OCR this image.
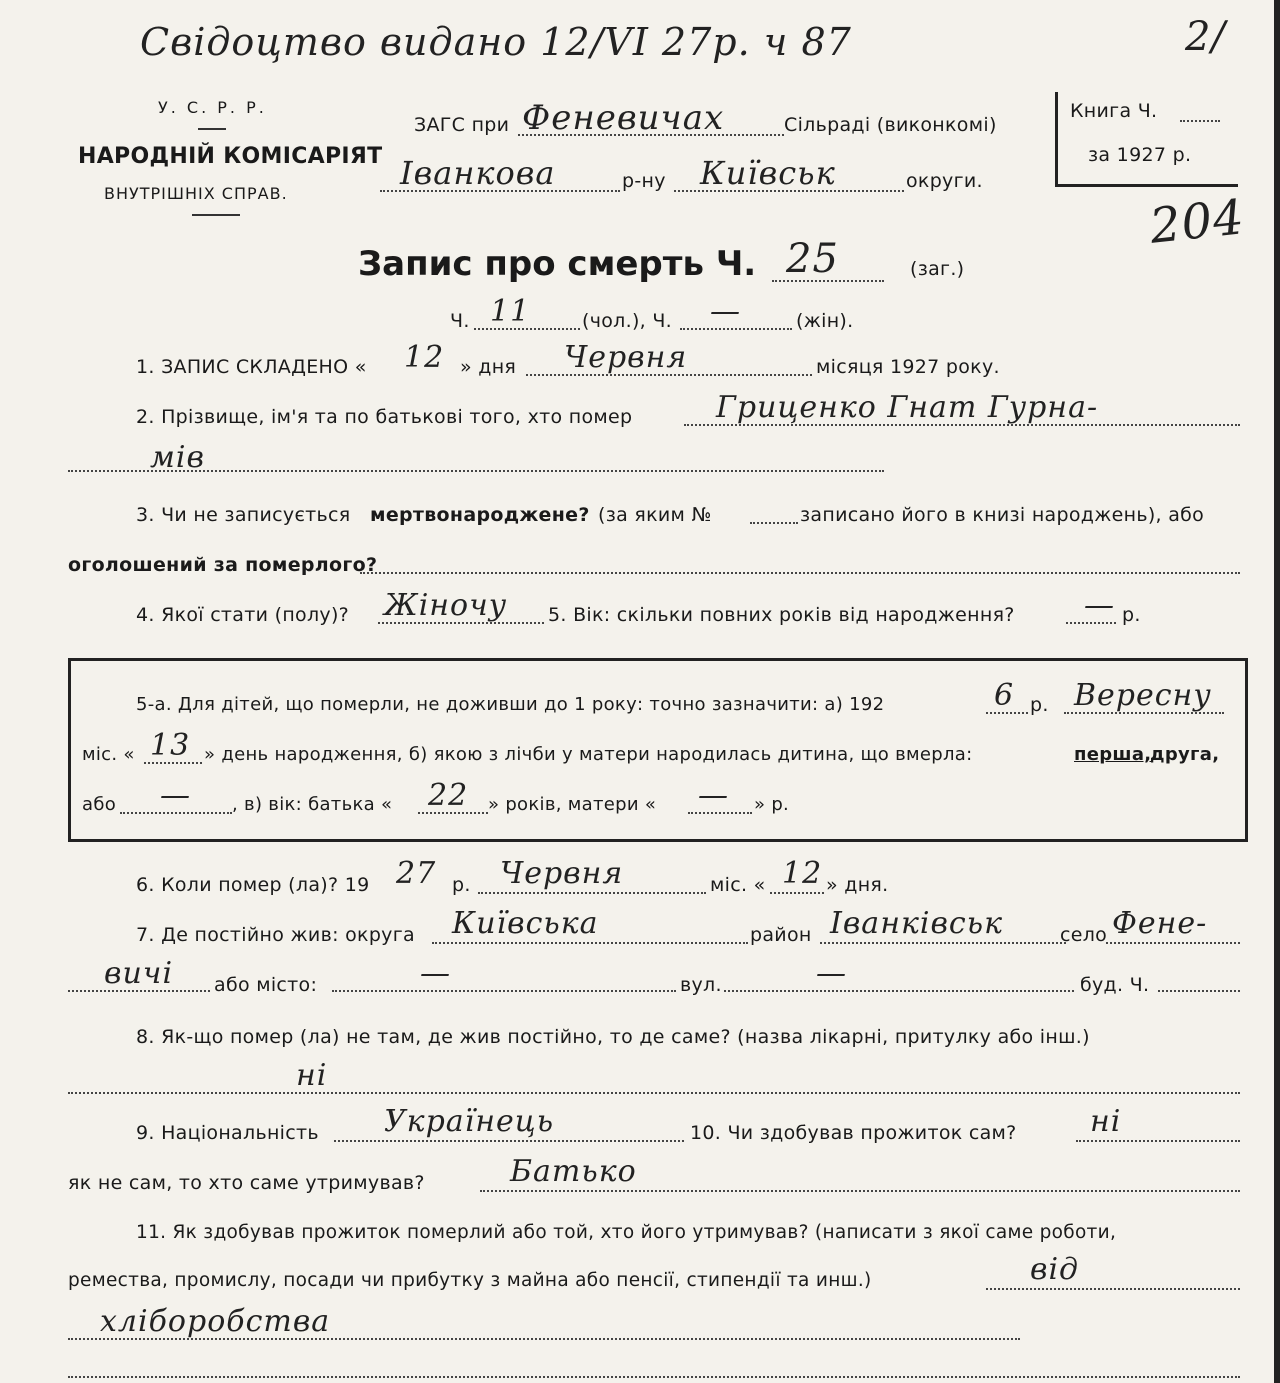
Свідоцтво видано 12/VI 27р. ч 87	2/
У. С. Р. Р.
НАРОДНІЙ КОМІСАРІЯТ
ВНУТРІШНІХ СПРАВ.
ЗАГС при Феневичах	Сільраді (виконкомі)
Іванкова	р-ну Київськ	округи.
Книга Ч.
за 1927 р.
204
Запис про смерть Ч. 25	(заг.)
Ч. 11	(чол.), Ч. —	(жін).
1. ЗАПИС СКЛАДЕНО « 12 » дня Червня	місяця 1927 року.
2. Прізвище, ім'я та по батькові того, хто помер	Гриценко Гнат Гурна-
мів
3. Чи не записується мертвонароджене? (за яким №	записано його в книзі народжень), або
оголошений за померлого?
4. Якої стати (полу)? Жіночу 5. Вік: скільки повних років від народження? — р.
5-а. Для дітей, що померли, не доживши до 1 року: точно зазначити: а) 192	6 р. Вересну
міс. « 13 » день народження, б) якою з лічби у матери народилась дитина, що вмерла:	перша,
друга,
або — , в) вік: батька « 22 » років, матери « — » р.
6. Коли помер (ла)? 19 27 р. Червня	міс. « 12 » дня.
7. Де постійно жив: округа Київська	район Іванківськ	село Фене-
вичі або місто:	—	вул.	—	буд. Ч.
8. Як-що помер (ла) не там, де жив постійно, то де саме? (назва лікарні, притулку або інш.)
ні
9. Національність Українець	10. Чи здобував прожиток сам? ні
як не сам, то хто саме утримував?	Батько
11. Як здобував прожиток померлий або той, хто його утримував? (написати з якої саме роботи,
ремества, промислу, посади чи прибутку з майна або пенсії, стипендії та инш.)	від
хліборобства
